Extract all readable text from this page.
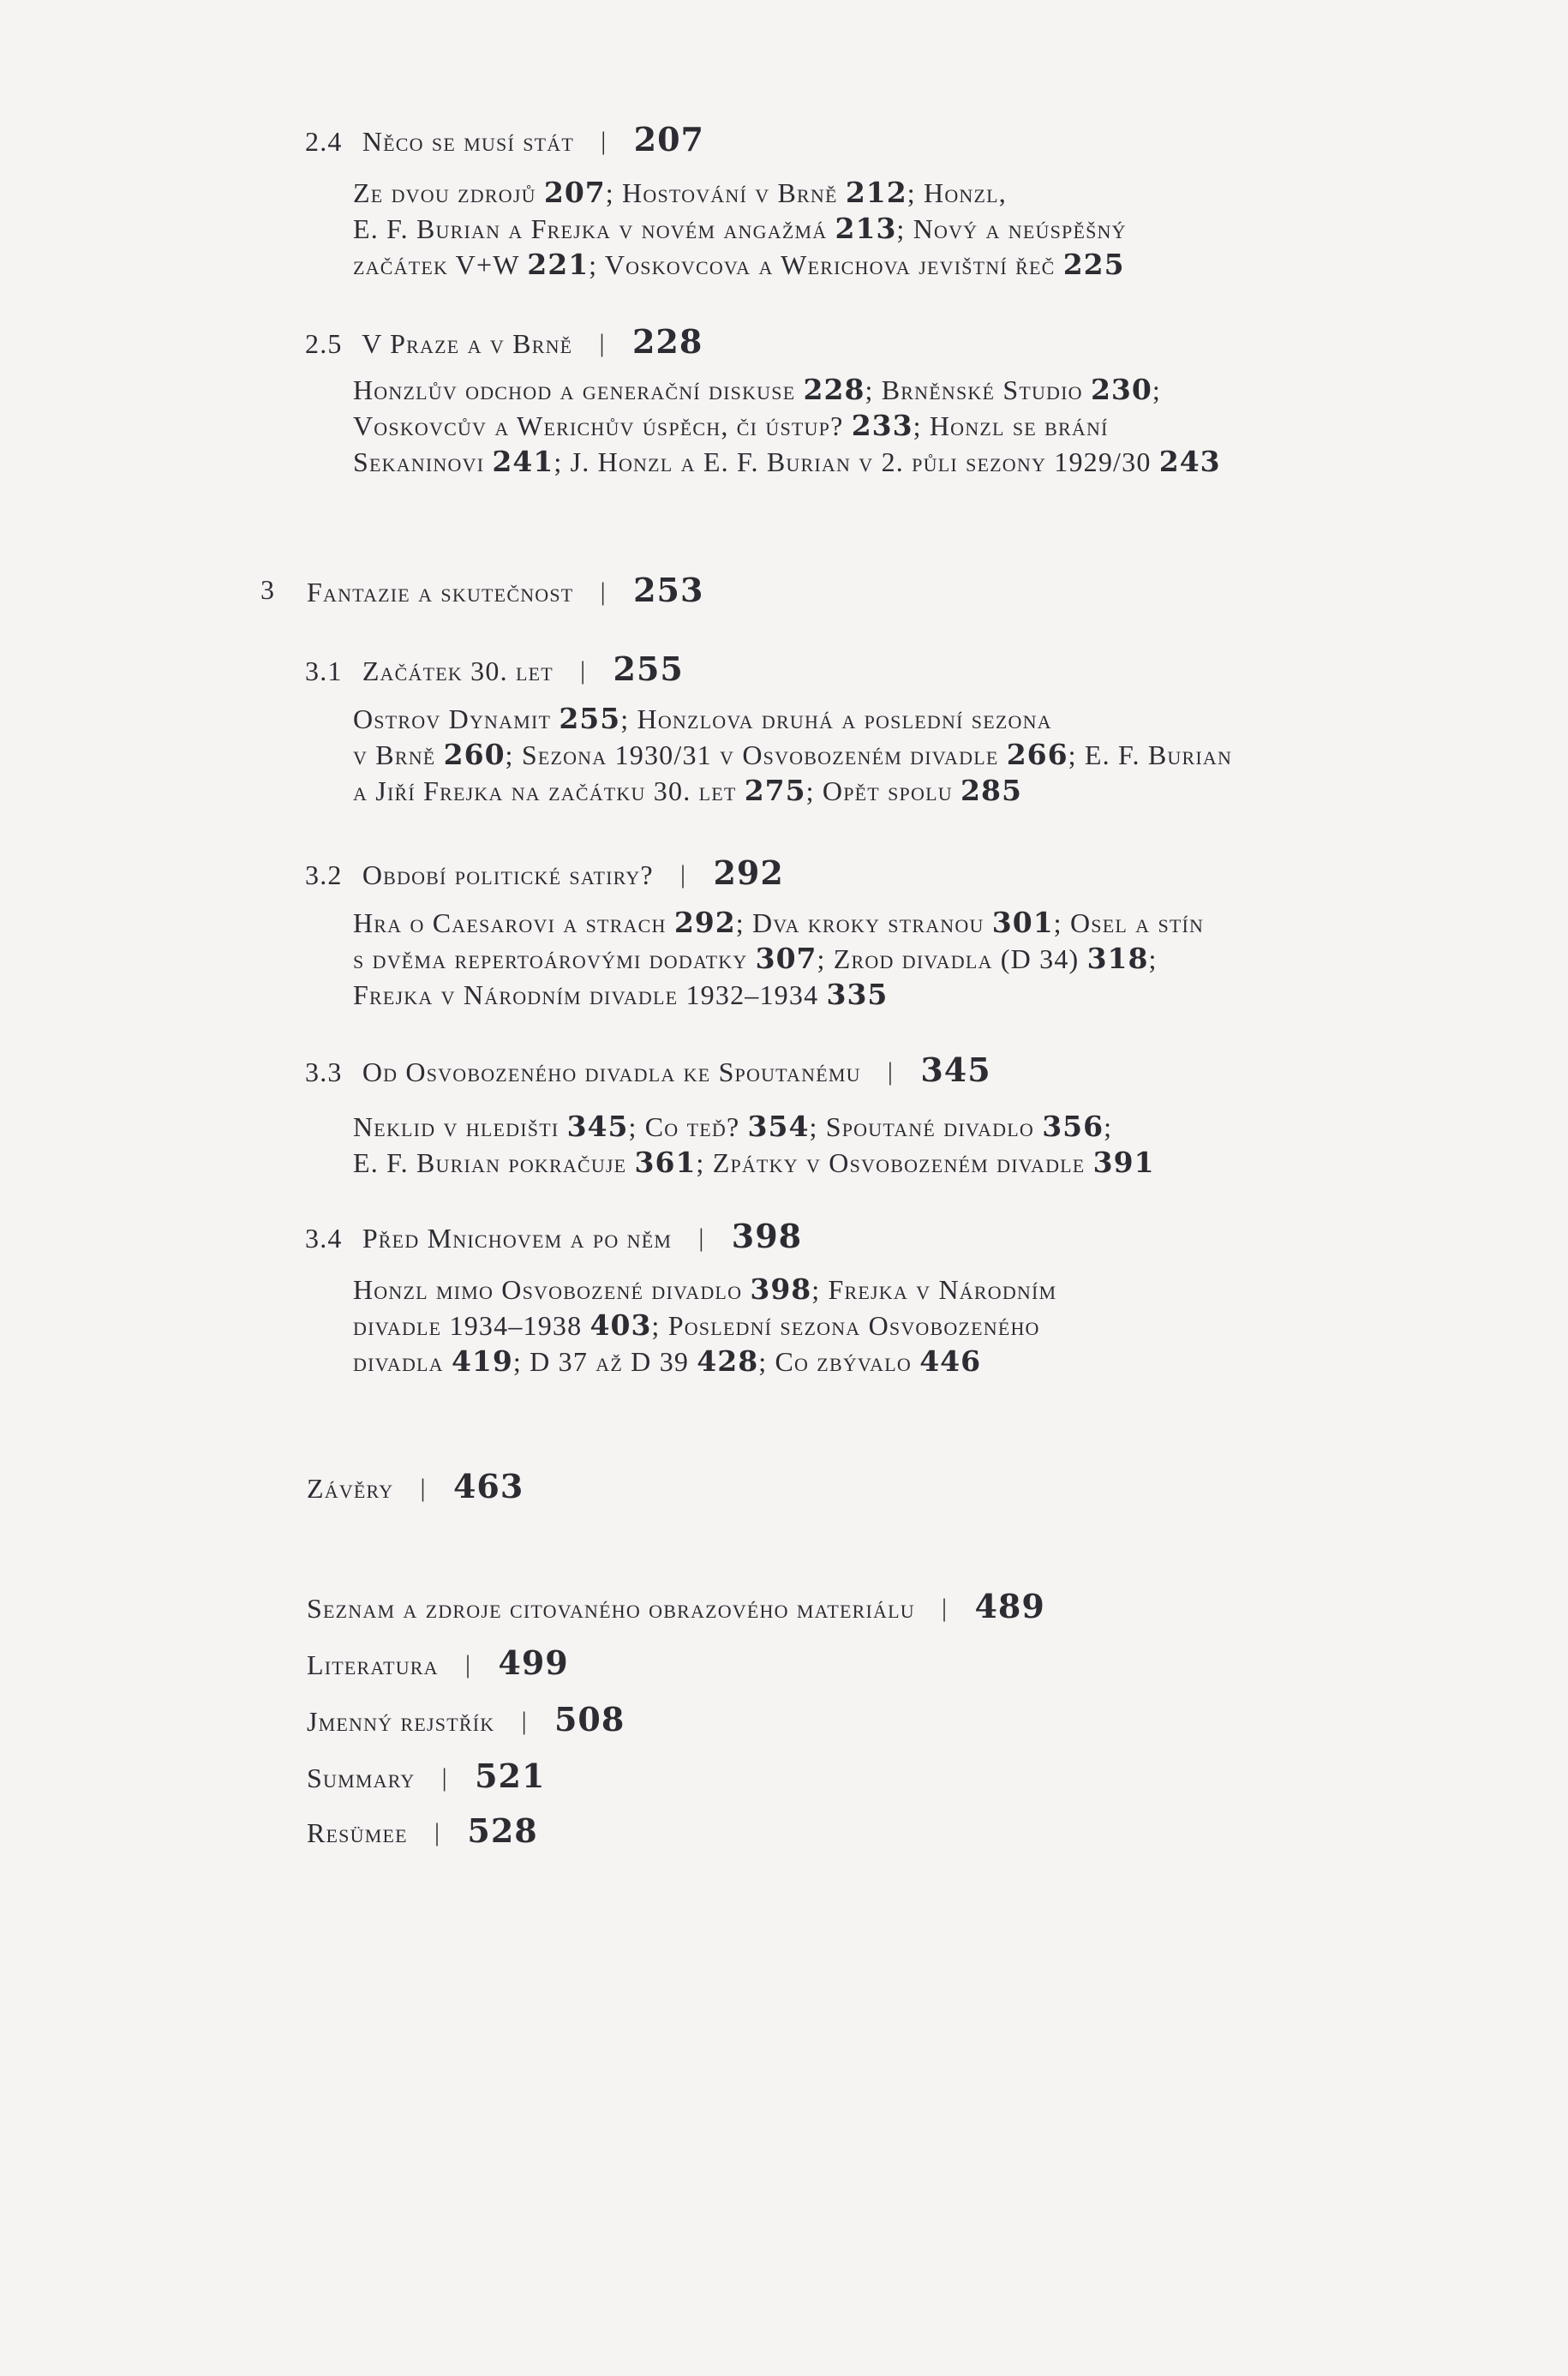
2.4 Něco se musí stát | 207
Ze dvou zdrojů 207; Hostování v Brně 212; Honzl,
E. F. Burian a Frejka v novém angažmá 213; Nový a neúspěšný
začátek V+W 221; Voskovcova a Werichova jevištní řeč 225
2.5 V Praze a v Brně | 228
Honzlův odchod a generační diskuse 228; Brněnské Studio 230;
Voskovcův a Werichův úspěch, či ústup? 233; Honzl se brání
Sekaninovi 241; J. Honzl a E. F. Burian v 2. půli sezony 1929/30 243
3 Fantazie a skutečnost | 253
3.1 Začátek 30. let | 255
Ostrov Dynamit 255; Honzlova druhá a poslední sezona
v Brně 260; Sezona 1930/31 v Osvobozeném divadle 266; E. F. Burian
a Jiří Frejka na začátku 30. let 275; Opět spolu 285
3.2 Období politické satiry? | 292
Hra o Caesarovi a strach 292; Dva kroky stranou 301; Osel a stín
s dvěma repertoárovými dodatky 307; Zrod divadla (D 34) 318;
Frejka v Národním divadle 1932–1934 335
3.3 Od Osvobozeného divadla ke Spoutanému | 345
Neklid v hledišti 345; Co teď? 354; Spoutané divadlo 356;
E. F. Burian pokračuje 361; Zpátky v Osvobozeném divadle 391
3.4 Před Mnichovem a po něm | 398
Honzl mimo Osvobozené divadlo 398; Frejka v Národním
divadle 1934–1938 403; Poslední sezona Osvobozeného
divadla 419; D 37 až D 39 428; Co zbývalo 446
Závěry | 463
Seznam a zdroje citovaného obrazového materiálu | 489
Literatura | 499
Jmenný rejstřík | 508
Summary | 521
Resümee | 528
